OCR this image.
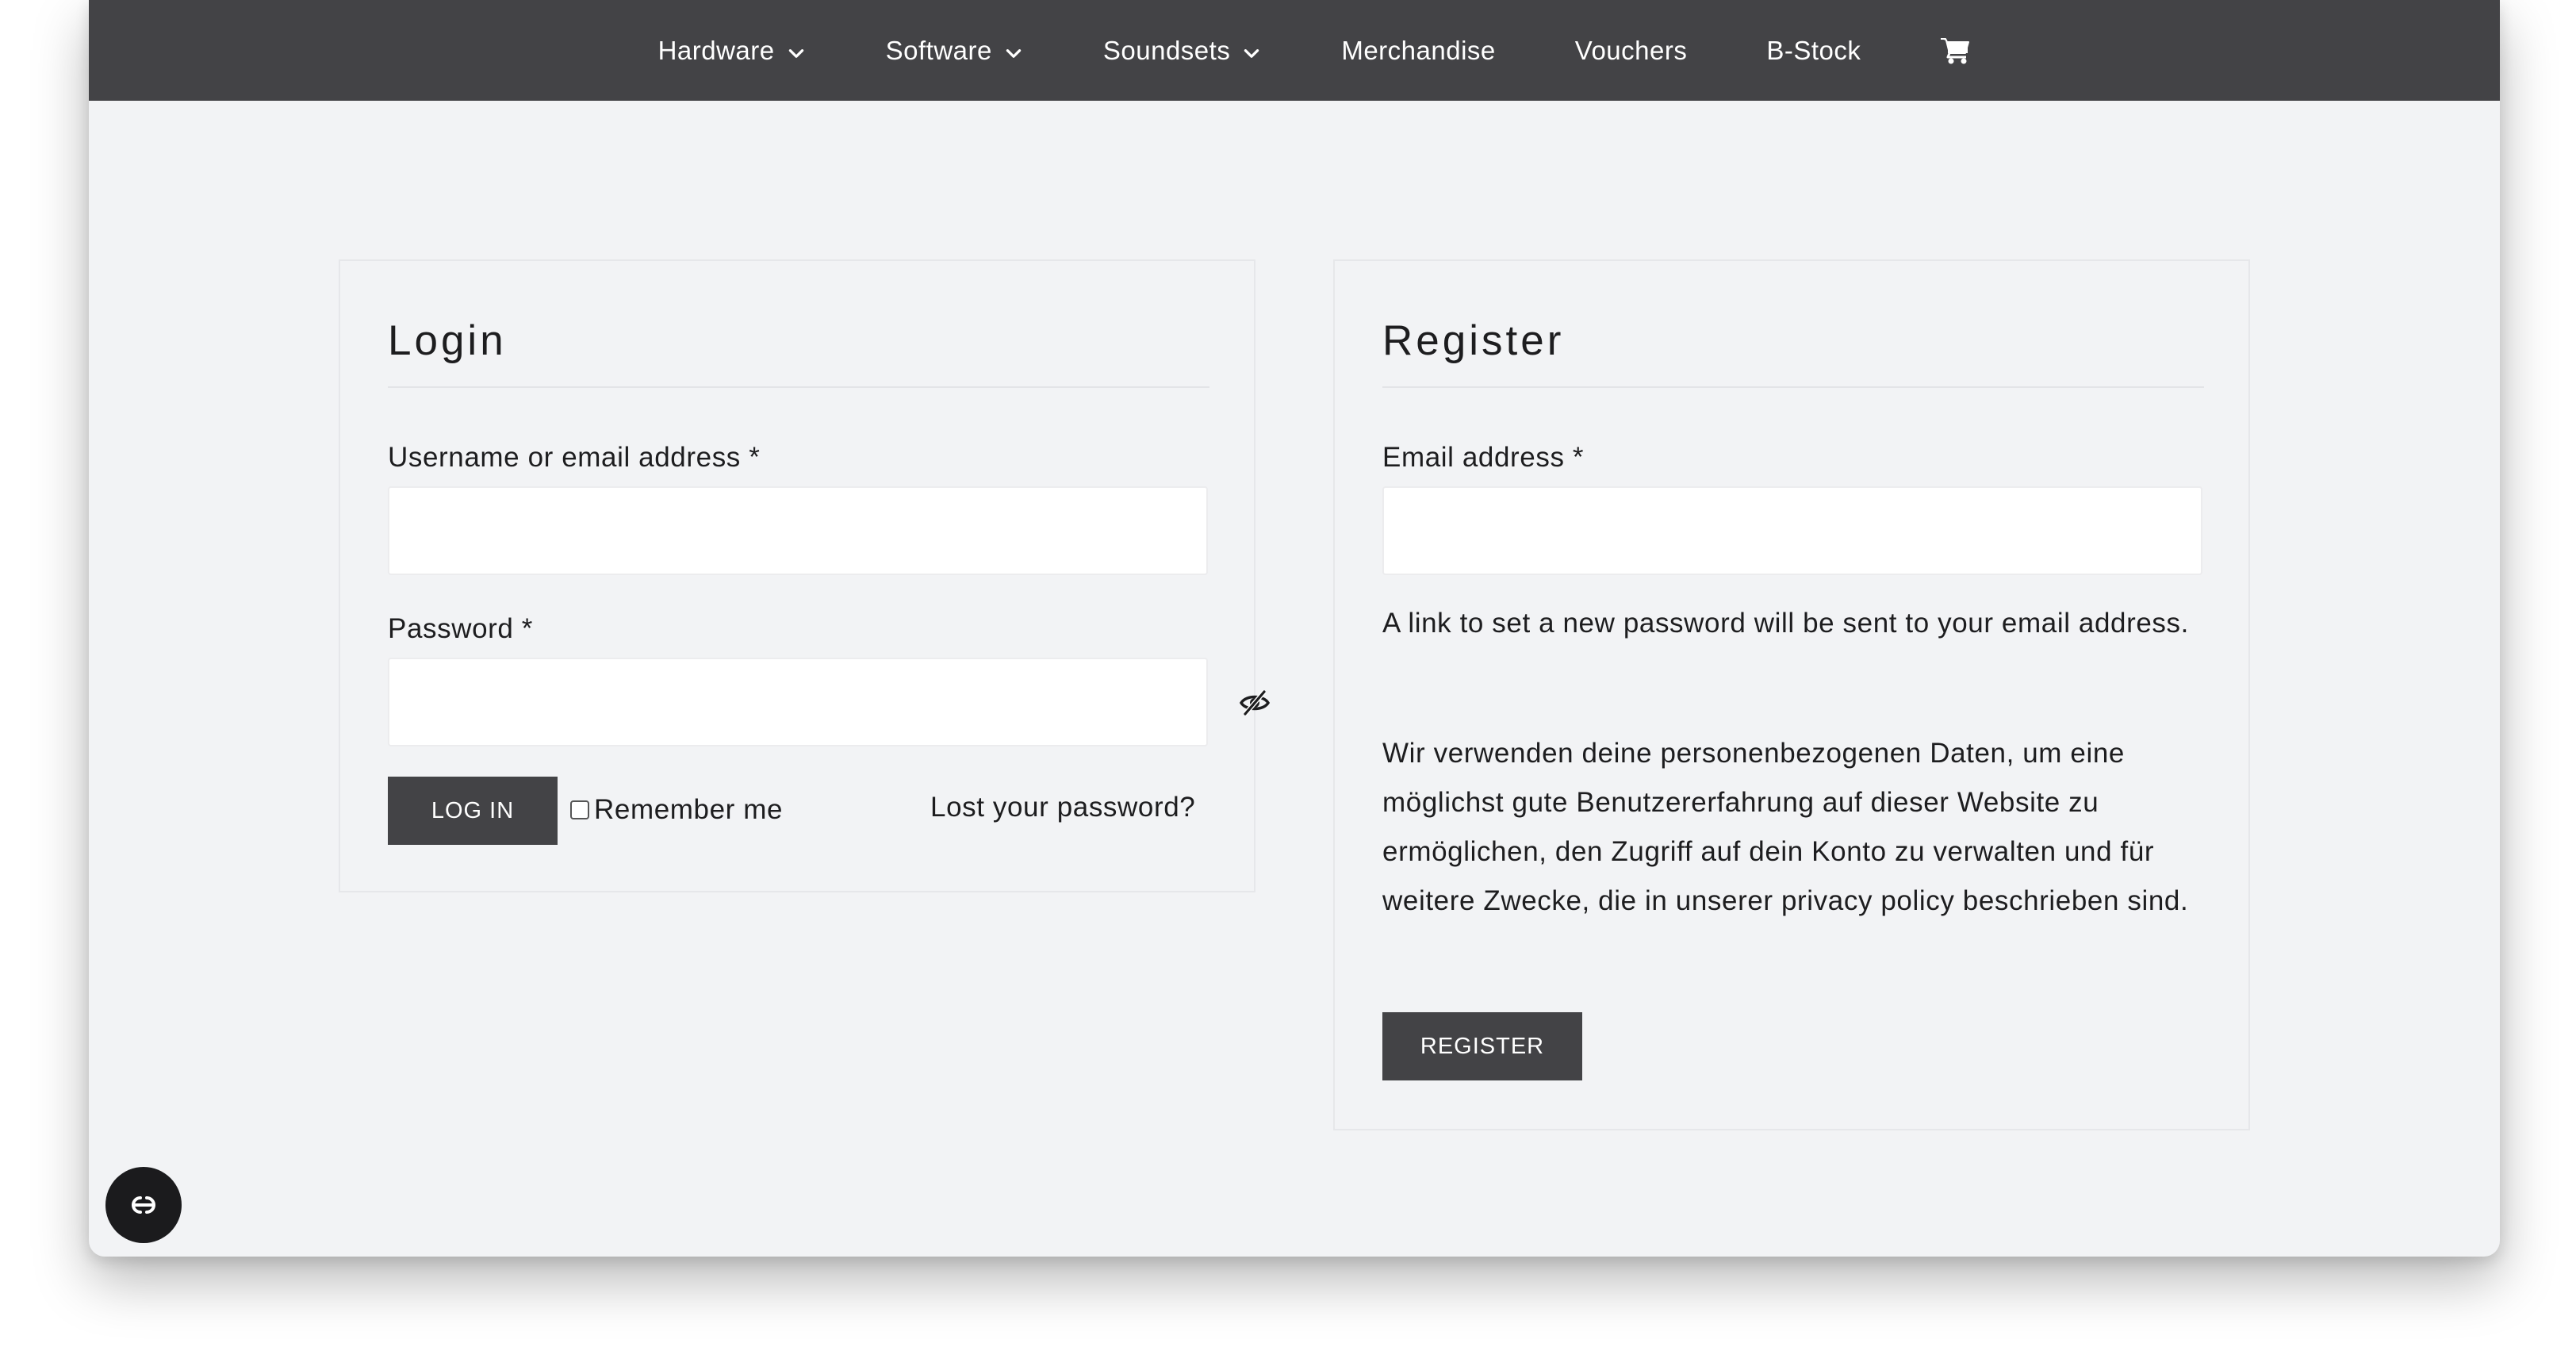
Hardware	Software	Soundsets	Merchandise	Vouchers	B-Stock
Login
Username or email address *
Password *
LOG IN	Remember me	Lost your password?
Register
Email address *

A link to set a new password will be sent to your email address.

Wir verwenden deine personenbezogenen Daten, um eine möglichst gute Benutzererfahrung auf dieser Website zu ermöglichen, den Zugriff auf dein Konto zu verwalten und für weitere Zwecke, die in unserer privacy policy beschrieben sind.

REGISTER
